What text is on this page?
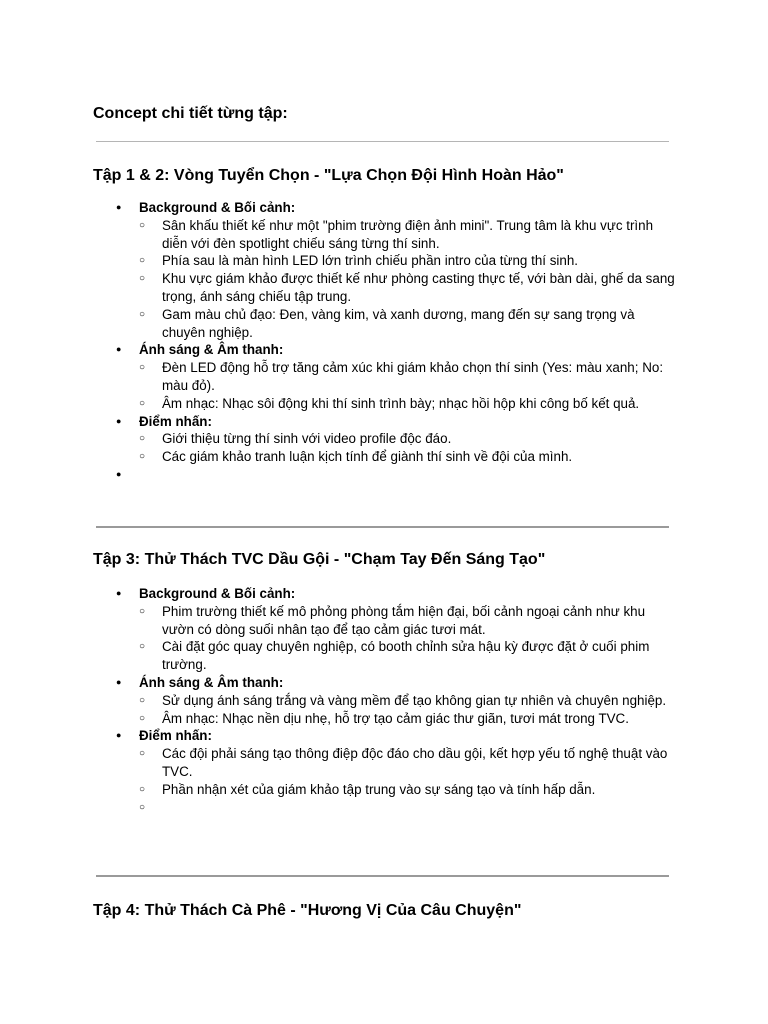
Concept chi tiết từng tập:
Tập 1 & 2: Vòng Tuyển Chọn - "Lựa Chọn Đội Hình Hoàn Hảo"
● Background & Bối cảnh:
○ Sân khấu thiết kế như một "phim trường điện ảnh mini". Trung tâm là khu vực trình diễn với đèn spotlight chiếu sáng từng thí sinh.
○ Phía sau là màn hình LED lớn trình chiếu phần intro của từng thí sinh.
○ Khu vực giám khảo được thiết kế như phòng casting thực tế, với bàn dài, ghế da sang trọng, ánh sáng chiếu tập trung.
○ Gam màu chủ đạo: Đen, vàng kim, và xanh dương, mang đến sự sang trọng và chuyên nghiệp.
● Ánh sáng & Âm thanh:
○ Đèn LED động hỗ trợ tăng cảm xúc khi giám khảo chọn thí sinh (Yes: màu xanh; No: màu đỏ).
○ Âm nhạc: Nhạc sôi động khi thí sinh trình bày; nhạc hồi hộp khi công bố kết quả.
● Điểm nhấn:
○ Giới thiệu từng thí sinh với video profile độc đáo.
○ Các giám khảo tranh luận kịch tính để giành thí sinh về đội của mình.
●
Tập 3: Thử Thách TVC Dầu Gội - "Chạm Tay Đến Sáng Tạo"
● Background & Bối cảnh:
○ Phim trường thiết kế mô phỏng phòng tắm hiện đại, bối cảnh ngoại cảnh như khu vườn có dòng suối nhân tạo để tạo cảm giác tươi mát.
○ Cài đặt góc quay chuyên nghiệp, có booth chỉnh sửa hậu kỳ được đặt ở cuối phim trường.
● Ánh sáng & Âm thanh:
○ Sử dụng ánh sáng trắng và vàng mềm để tạo không gian tự nhiên và chuyên nghiệp.
○ Âm nhạc: Nhạc nền dịu nhẹ, hỗ trợ tạo cảm giác thư giãn, tươi mát trong TVC.
● Điểm nhấn:
○ Các đội phải sáng tạo thông điệp độc đáo cho dầu gội, kết hợp yếu tố nghệ thuật vào TVC.
○ Phần nhận xét của giám khảo tập trung vào sự sáng tạo và tính hấp dẫn.
○
Tập 4: Thử Thách Cà Phê - "Hương Vị Của Câu Chuyện"
